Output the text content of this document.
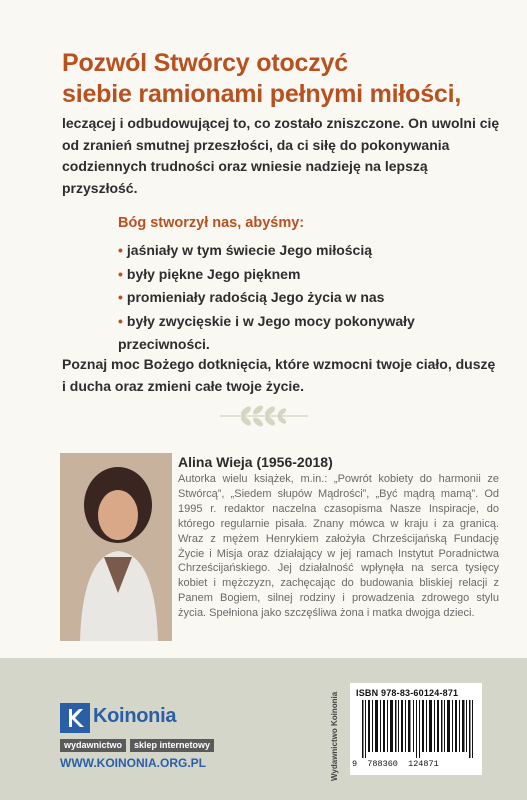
Pozwól Stwórcy otoczyć
siebie ramionami pełnymi miłości,

leczącej i odbudowującej to, co zostało zniszczone. On uwolni cię od zranień smutnej przeszłości, da ci siłę do pokonywania codziennych trudności oraz wniesie nadzieję na lepszą przyszłość.

Bóg stworzył nas, abyśmy:

• jaśniały w tym świecie Jego miłością
• były piękne Jego pięknem
• promieniały radością Jego życia w nas
• były zwycięskie i w Jego mocy pokonywały przeciwności.

Poznaj moc Bożego dotknięcia, które wzmocni twoje ciało, duszę i ducha oraz zmieni całe twoje życie.

Alina Wieja (1956-2018)

Autorka wielu książek, m.in.: „Powrót kobiety do harmonii ze Stwórcą”, „Siedem słupów Mądrości”, „Być mądrą mamą”. Od 1995 r. redaktor naczelna czasopisma Nasze Inspiracje, do którego regularnie pisała. Znany mówca w kraju i za granicą. Wraz z mężem Henrykiem założyła Chrześcijańską Fundację Życie i Misja oraz działający w jej ramach Instytut Poradnictwa Chrześcijańskiego. Jej działalność wpłynęła na serca tysięcy kobiet i mężczyzn, zachęcając do budowania bliskiej relacji z Panem Bogiem, silnej rodziny i prowadzenia zdrowego stylu życia. Spełniona jako szczęśliwa żona i matka dwojga dzieci.

Koinonia
wydawnictwo	sklep internetowy
WWW.KOINONIA.ORG.PL	Wydawnictwo Koinonia	ISBN 978-83-60124-871
9  788360  124871
